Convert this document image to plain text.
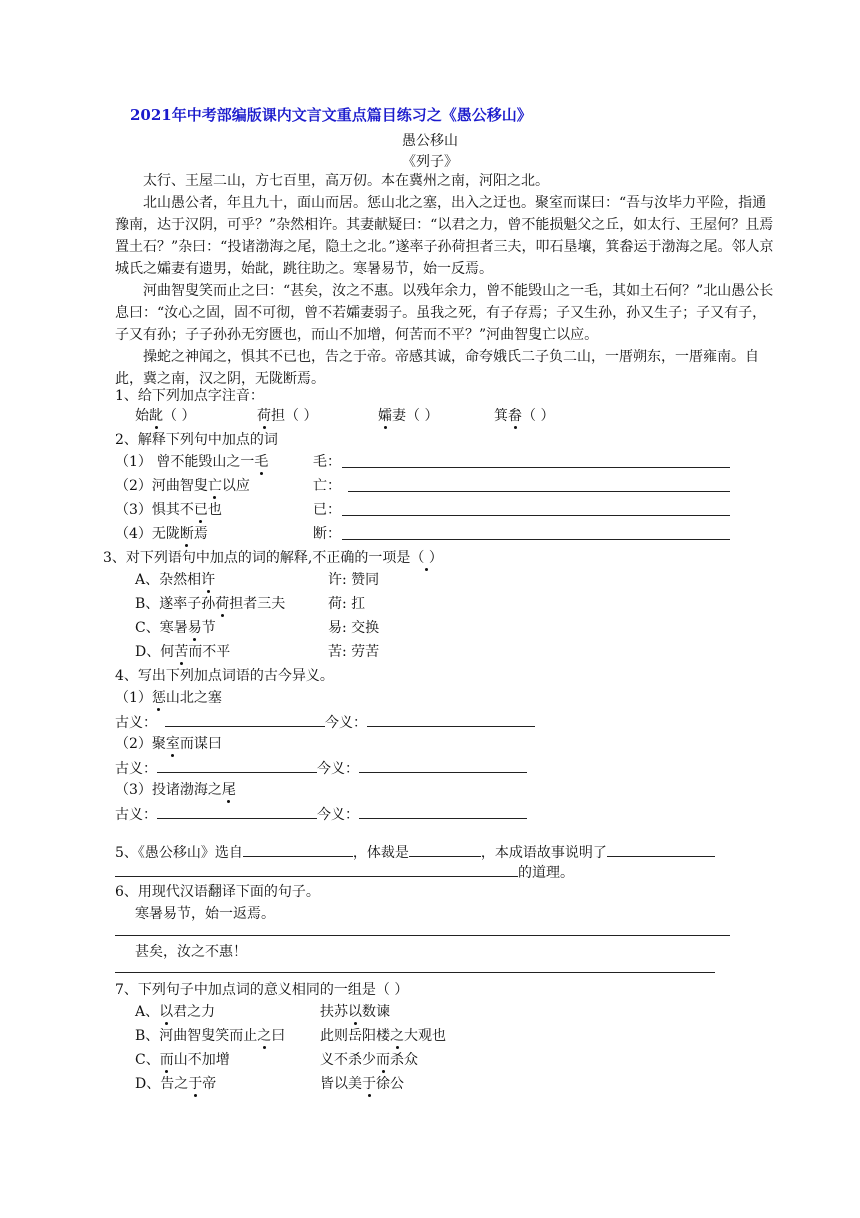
2021年中考部编版课内文言文重点篇目练习之《愚公移山》
愚公移山
《列子》
太行、王屋二山，方七百里，高万仞。本在冀州之南，河阳之北。
北山愚公者，年且九十，面山而居。惩山北之塞，出入之迂也。聚室而谋曰：“吾与汝毕力平险，指通豫南，达于汉阴，可乎？”杂然相许。其妻献疑曰：“以君之力，曾不能损魁父之丘，如太行、王屋何？且焉置土石？”杂曰：“投诸渤海之尾，隐土之北。”遂率子孙荷担者三夫，叩石垦壤，箕畚运于渤海之尾。邻人京城氏之孀妻有遗男，始龀，跳往助之。寒暑易节，始一反焉。
河曲智叟笑而止之曰：“甚矣，汝之不惠。以残年余力，曾不能毁山之一毛，其如土石何？”北山愚公长息曰：“汝心之固，固不可彻，曾不若孀妻弱子。虽我之死，有子存焉；子又生孙，孙又生子；子又有子，子又有孙；子子孙孙无穷匮也，而山不加增，何苦而不平？”河曲智叟亡以应。
操蛇之神闻之，惧其不已也，告之于帝。帝感其诚，命夸娥氏二子负二山，一厝朔东，一厝雍南。自此，冀之南，汉之阴，无陇断焉。
1、给下列加点字注音：
始龀（ ）	荷担（ ）	孀妻（ ）	箕畚（ ）
2、解释下列句中加点的词
（1） 曾不能毁山之一毛	毛：
（2）河曲智叟亡以应	亡：
（3）惧其不已也	已：
（4）无陇断焉	断：
3、对下列语句中加点的词的解释,不正确的一项是（ ）
A、杂然相许	许: 赞同
B、遂率子孙荷担者三夫	荷: 扛
C、寒暑易节	易: 交换
D、何苦而不平	苦: 劳苦
4、写出下列加点词语的古今异义。
（1）惩山北之塞
古义：	今义：
（2）聚室而谋曰
古义：	今义：
（3）投诸渤海之尾
古义：	今义：
5、《愚公移山》选自	，体裁是	，本成语故事说明了
的道理。
6、用现代汉语翻译下面的句子。
寒暑易节，始一返焉。
甚矣，汝之不惠！
7、下列句子中加点词的意义相同的一组是（ ）
A、以君之力	扶苏以数谏
B、河曲智叟笑而止之曰 此则岳阳楼之大观也
C、而山不加增	义不杀少而杀众
D、告之于帝	皆以美于徐公
